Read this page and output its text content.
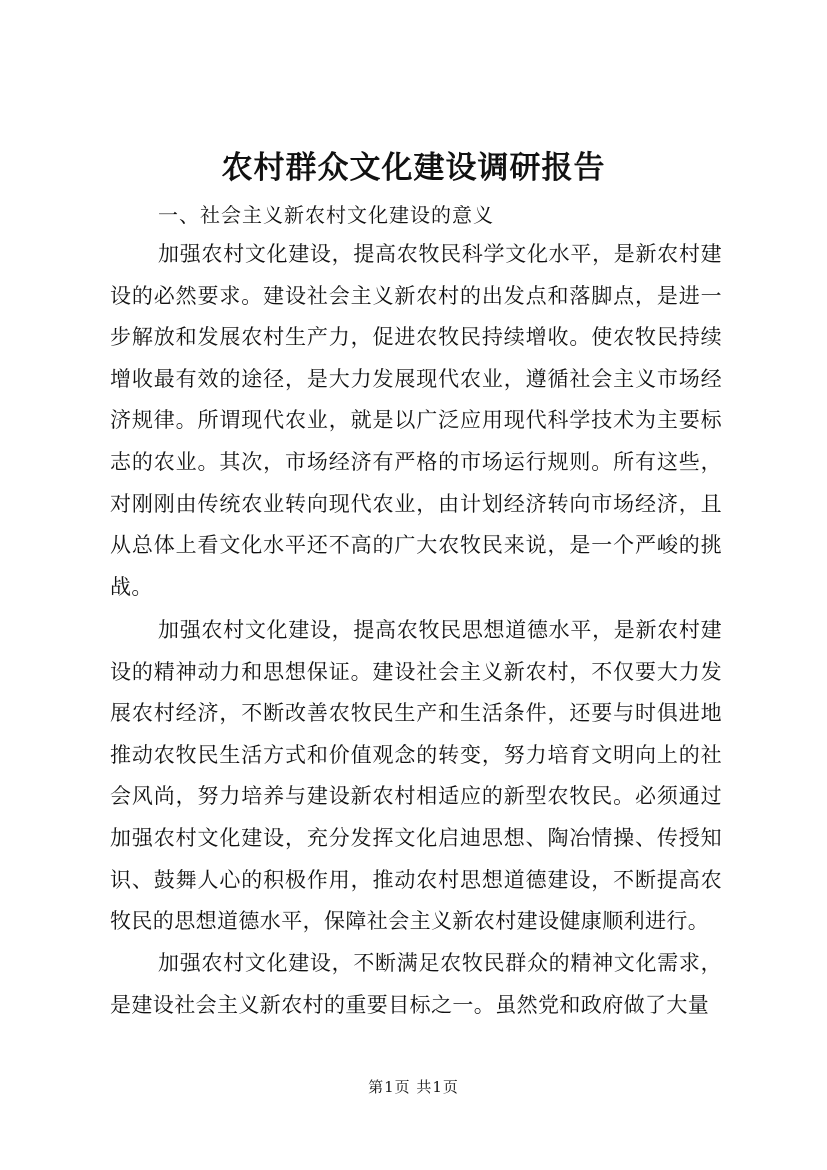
农村群众文化建设调研报告

一、社会主义新农村文化建设的意义

加强农村文化建设，提高农牧民科学文化水平，是新农村建设的必然要求。建设社会主义新农村的出发点和落脚点，是进一步解放和发展农村生产力，促进农牧民持续增收。使农牧民持续增收最有效的途径，是大力发展现代农业，遵循社会主义市场经济规律。所谓现代农业，就是以广泛应用现代科学技术为主要标志的农业。其次，市场经济有严格的市场运行规则。所有这些，对刚刚由传统农业转向现代农业，由计划经济转向市场经济，且从总体上看文化水平还不高的广大农牧民来说，是一个严峻的挑战。

加强农村文化建设，提高农牧民思想道德水平，是新农村建设的精神动力和思想保证。建设社会主义新农村，不仅要大力发展农村经济，不断改善农牧民生产和生活条件，还要与时俱进地推动农牧民生活方式和价值观念的转变，努力培育文明向上的社会风尚，努力培养与建设新农村相适应的新型农牧民。必须通过加强农村文化建设，充分发挥文化启迪思想、陶冶情操、传授知识、鼓舞人心的积极作用，推动农村思想道德建设，不断提高农牧民的思想道德水平，保障社会主义新农村建设健康顺利进行。

加强农村文化建设，不断满足农牧民群众的精神文化需求，是建设社会主义新农村的重要目标之一。虽然党和政府做了大量

第1页 共1页
